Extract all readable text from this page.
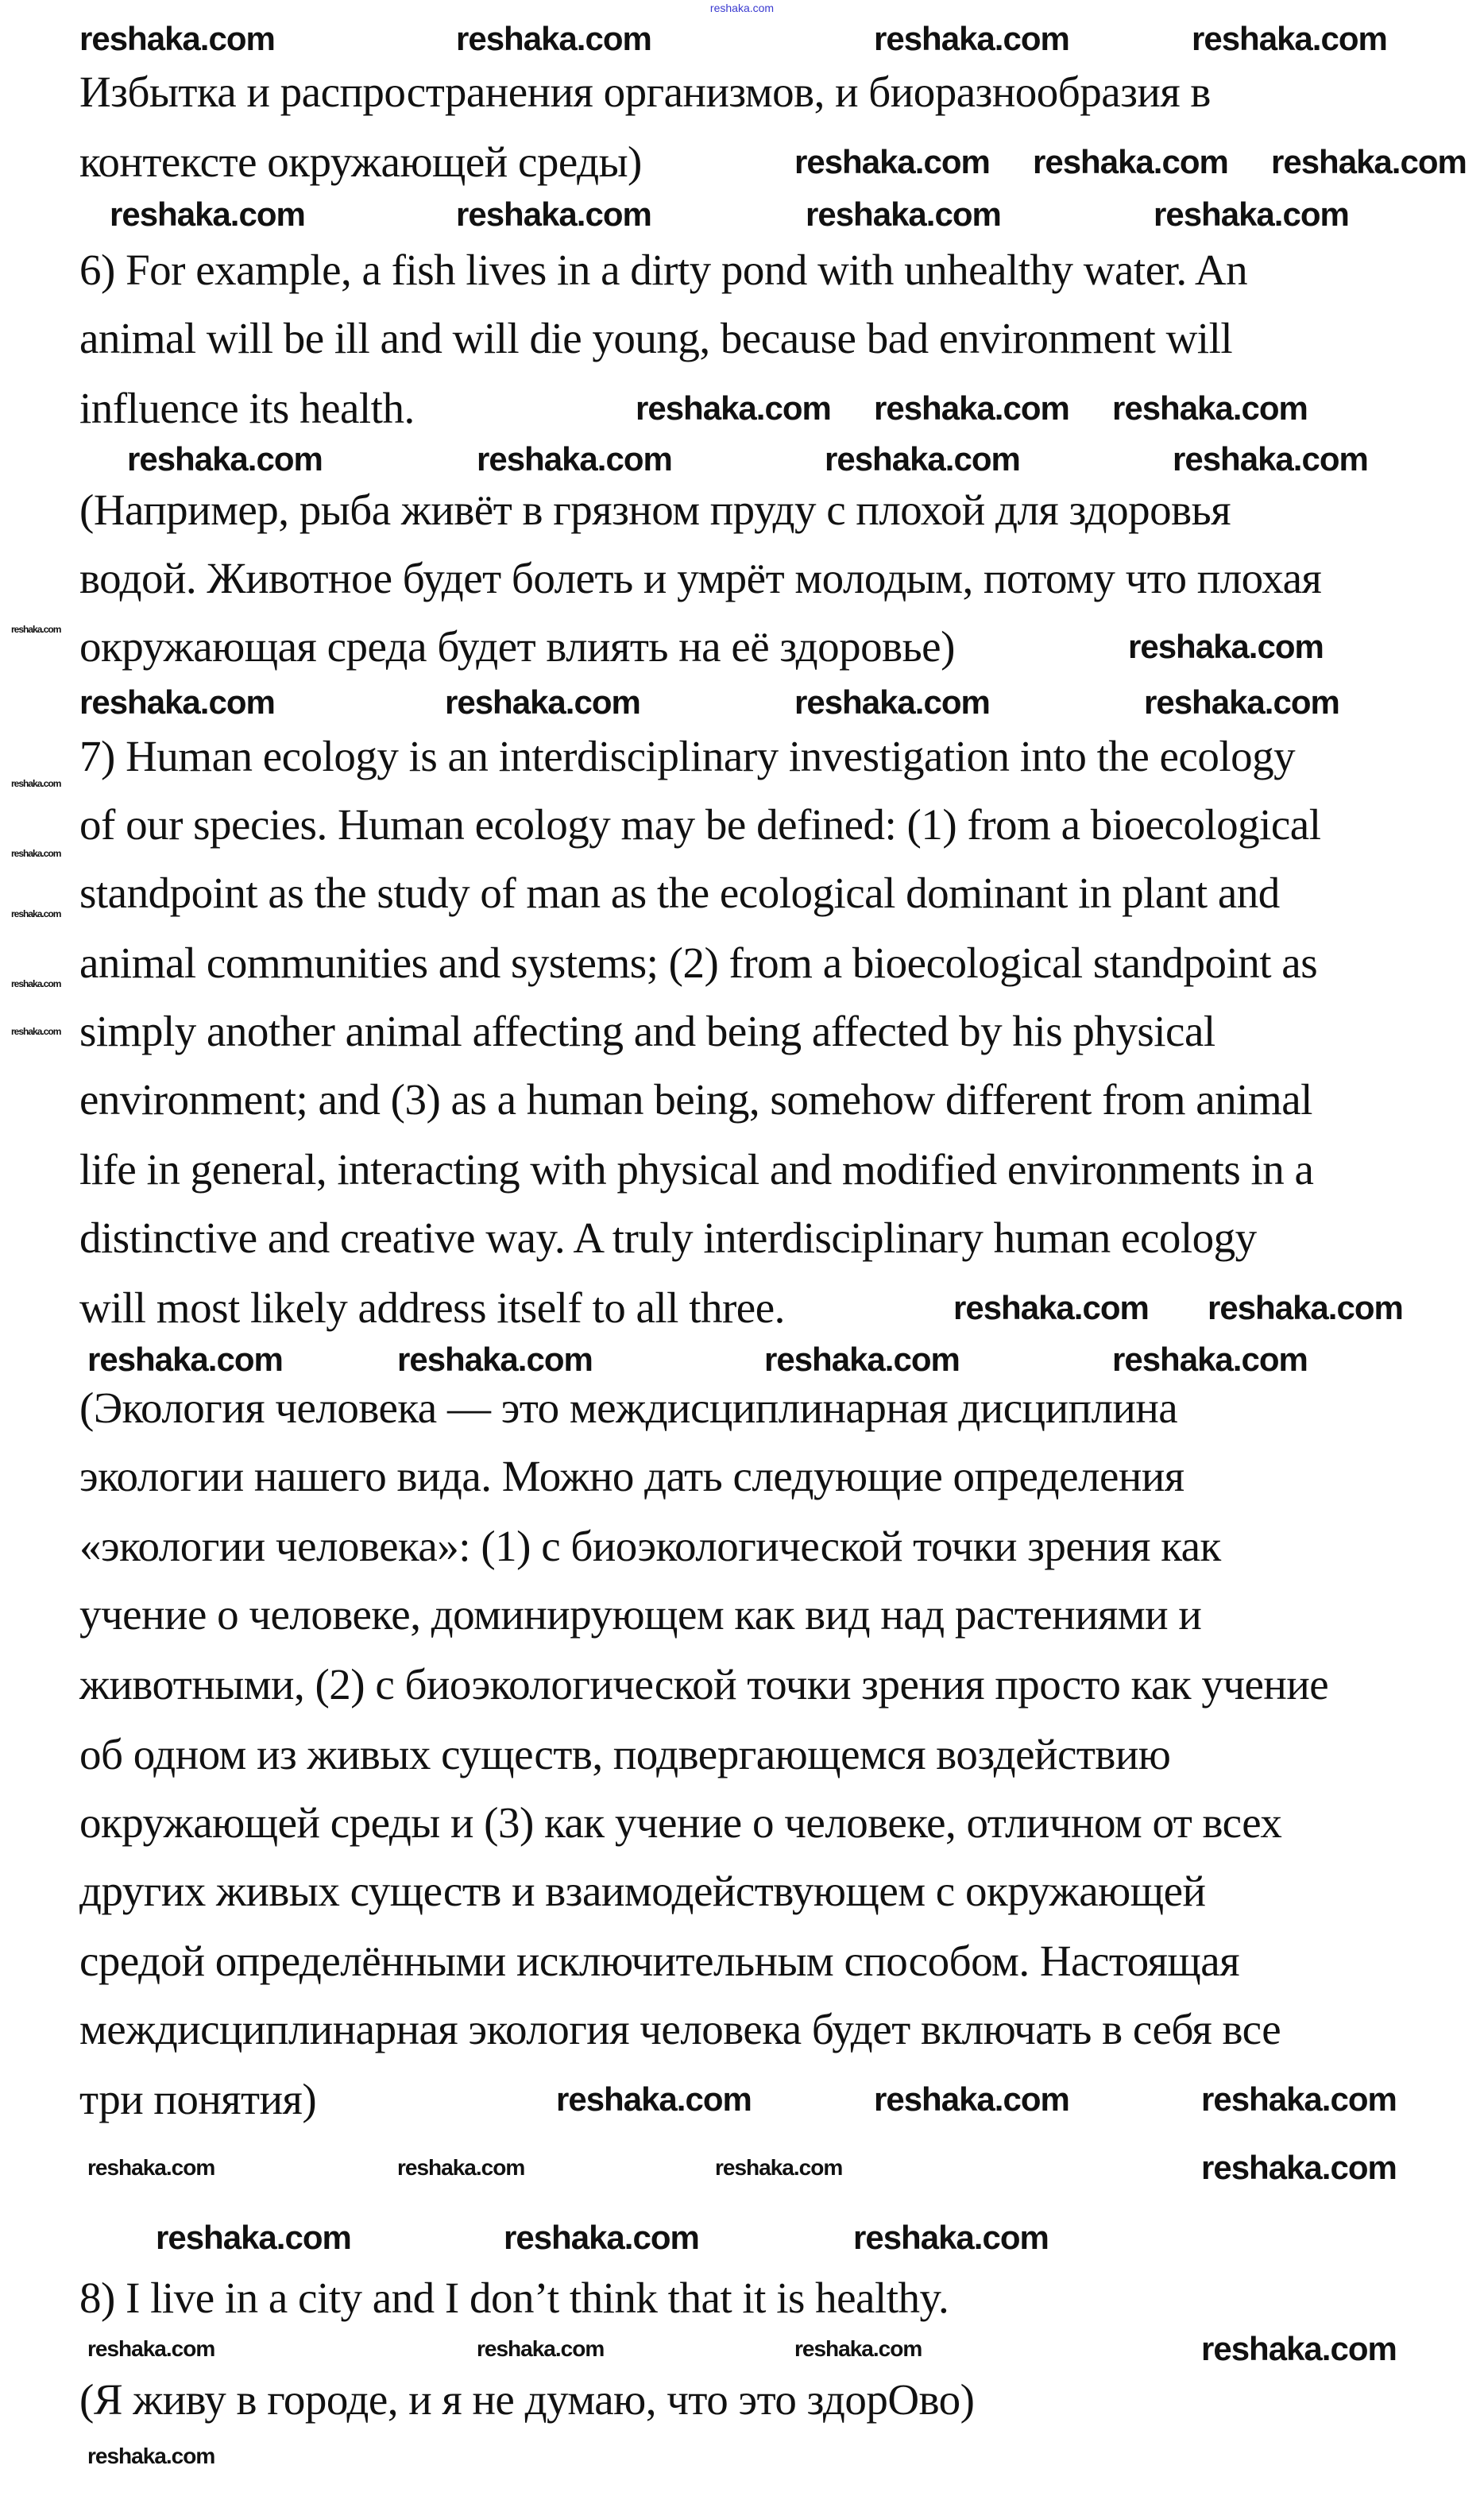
reshaka.com
Избытка и распространения организмов, и биоразнообразия в
контексте окружающей среды)
6) For example, a fish lives in a dirty pond with unhealthy water. An
animal will be ill and will die young, because bad environment will
influence its health.
(Например, рыба живёт в грязном пруду с плохой для здоровья
водой. Животное будет болеть и умрёт молодым, потому что плохая
окружающая среда будет влиять на её здоровье)
7) Human ecology is an interdisciplinary investigation into the ecology
of our species. Human ecology may be defined: (1) from a bioecological
standpoint as the study of man as the ecological dominant in plant and
animal communities and systems; (2) from a bioecological standpoint as
simply another animal affecting and being affected by his physical
environment; and (3) as a human being, somehow different from animal
life in general, interacting with physical and modified environments in a
distinctive and creative way. A truly interdisciplinary human ecology
will most likely address itself to all three.
(Экология человека — это междисциплинарная дисциплина
экологии нашего вида. Можно дать следующие определения
«экологии человека»: (1) с биоэкологической точки зрения как
учение о человеке, доминирующем как вид над растениями и
животными, (2) с биоэкологической точки зрения просто как учение
об одном из живых существ, подвергающемся воздействию
окружающей среды и (3) как учение о человеке, отличном от всех
других живых существ и взаимодействующем с окружающей
средой определёнными исключительным способом. Настоящая
междисциплинарная экология человека будет включать в себя все
три понятия)
8) I live in a city and I don’t think that it is healthy.
(Я живу в городе, и я не думаю, что это здорОво)
reshaka.com	reshaka.com	reshaka.com	reshaka.com
reshaka.com reshaka.com reshaka.com
reshaka.com	reshaka.com	reshaka.com	reshaka.com
reshaka.com reshaka.com reshaka.com
reshaka.com	reshaka.com	reshaka.com	reshaka.com
reshaka.com
reshaka.com	reshaka.com	reshaka.com	reshaka.com
reshaka.com
reshaka.com
reshaka.com
reshaka.com
reshaka.com
reshaka.com
reshaka.com reshaka.com
reshaka.com	reshaka.com	reshaka.com	reshaka.com
reshaka.com	reshaka.com	reshaka.com
reshaka.com	reshaka.com	reshaka.com	reshaka.com
reshaka.com	reshaka.com	reshaka.com
reshaka.com	reshaka.com	reshaka.com	reshaka.com
reshaka.com
